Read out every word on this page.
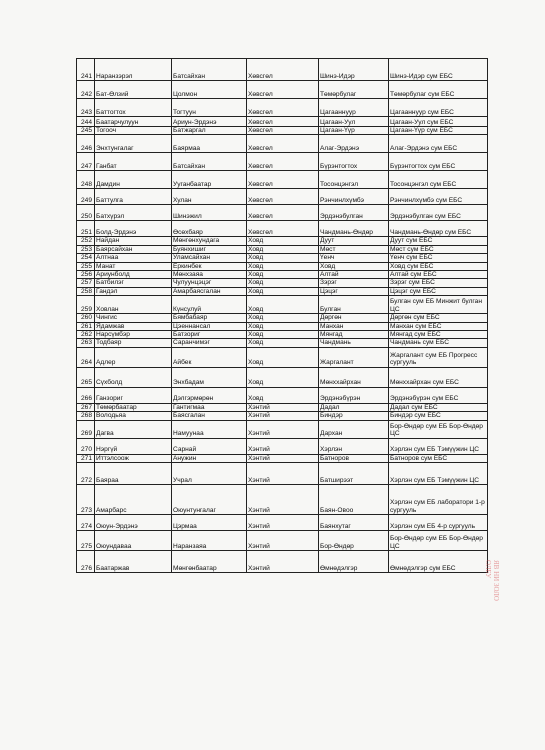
241	Наранзэрэл	Батсайхан	Хөвсгөл	Шинэ-Идэр	Шинэ-Идэр сум ЕБС
242	Бат-Өлзий	Цолмон	Хөвсгөл	Төмөрбулаг	Төмөрбулаг сум ЕБС
243	Баттогтох	Тогтуун	Хөвсгөл	Цагааннуур	Цагааннуур сум ЕБС
244	Баатарчулуун	Ариун-Эрдэнэ	Хөвсгөл	Цагаан-Уул	Цагаан-Уул сум ЕБС
245	Тогооч	Батжаргал	Хөвсгөл	Цагаан-Үүр	Цагаан-Үүр сум ЕБС
246	Энхтунгалаг	Баярмаа	Хөвсгөл	Алаг-Эрдэнэ	Алаг-Эрдэнэ сум ЕБС
247	Ганбат	Батсайхан	Хөвсгөл	Бүрэнтогтох	Бүрэнтогтох сум ЕБС
248	Дамдин	Ууганбаатар	Хөвсгөл	Тосонцэнгэл	Тосонцэнгэл сум ЕБС
249	Баттулга	Хулан	Хөвсгөл	Рэнчинлхүмбэ	Рэнчинлхүмбэ сум ЕБС
250	Батхүрэл	Шинэжил	Хөвсгөл	Эрдэнэбулган	Эрдэнэбулган сум ЕБС
251	Болд-Эрдэнэ	Өсөхбаяр	Хөвсгөл	Чандмань-Өндөр	Чандмань-Өндөр сум ЕБС
252	Найдан	Мөнгөнхундага	Ховд	Дуут	Дуут сум ЕБС
253	Баярсайхан	Буянхишиг	Ховд	Мөст	Мөст сум ЕБС
254	Алтнаа	Уламсайхан	Ховд	Үенч	Үенч сум ЕБС
255	Манат	Еркинбек	Ховд	Ховд	Ховд сум ЕБС
256	Ариунболд	Мөнхзаяа	Ховд	Алтай	Алтай сум ЕБС
257	Батбилэг	Чулуунцэцэг	Ховд	Зэрэг	Зэрэг сум ЕБС
258	Гандэл	Амарбаясгалан	Ховд	Цэцэг	Цэцэг сум ЕБС
259	Ховлан	Күнсулуй	Ховд	Булган	Булган сум ЕБ Минжит булган ЦС
260	Чингис	Бямбабаяр	Ховд	Дөргөн	Дөргөн сум ЕБС
261	Ядамжав	Цэеннансал	Ховд	Манхан	Манхан сум ЕБС
262	Нарсүмбэр	Батзориг	Ховд	Мянгад	Мянгад сум ЕБС
263	Тодбаяр	Саранчимэг	Ховд	Чандмань	Чандмань сум ЕБС
264	Адлер	Айбек	Ховд	Жаргалант	Жаргалант сум ЕБ Прогресс сургууль
265	Сүхболд	Энхбадам	Ховд	Мөнххайрхан	Мөнххайрхан сум ЕБС
266	Ганзориг	Дэлгэрмөрөн	Ховд	Эрдэнэбүрэн	Эрдэнэбүрэн сум ЕБС
267	Төмөрбаатар	Гантигмаа	Хэнтий	Дадал	Дадал сум ЕБС
268	Володьяа	Баясгалан	Хэнтий	Биндэр	Биндэр сум ЕБС
269	Дагва	Намуунаа	Хэнтий	Дархан	Бор-Өндөр сум ЕБ Бор-Өндөр ЦС
270	Нэргүй	Сарнай	Хэнтий	Хэрлэн	Хэрлэн сум ЕБ Тэмүүжин ЦС
271	Иттэлсоож	Анужин	Хэнтий	Батноров	Батноров сум ЕБС
272	Баярaa	Учрал	Хэнтий	Батширээт	Хэрлэн сум ЕБ Тэмүүжин ЦС
273	Амарбарс	Оюунтунгалаг	Хэнтий	Баян-Овоо	Хэрлэн сум ЕБ лаборатори 1-р сургууль
274	Оюун-Эрдэнэ	Цэрмаа	Хэнтий	Баянхутаг	Хэрлэн сум ЕБ 4-р сургууль
275	Оюундаваа	Наранзаяа	Хэнтий	Бор-Өндөр	Бор-Өндөр сум ЕБ Бор-Өндөр ЦС
276	Баатаржав	Мөнгөнбаатар	Хэнтий	Өмнөдэлгэр	Өмнөдэлгэр сум ЕБС	ЯВ НИ ЗОЛО ОЛБУ
